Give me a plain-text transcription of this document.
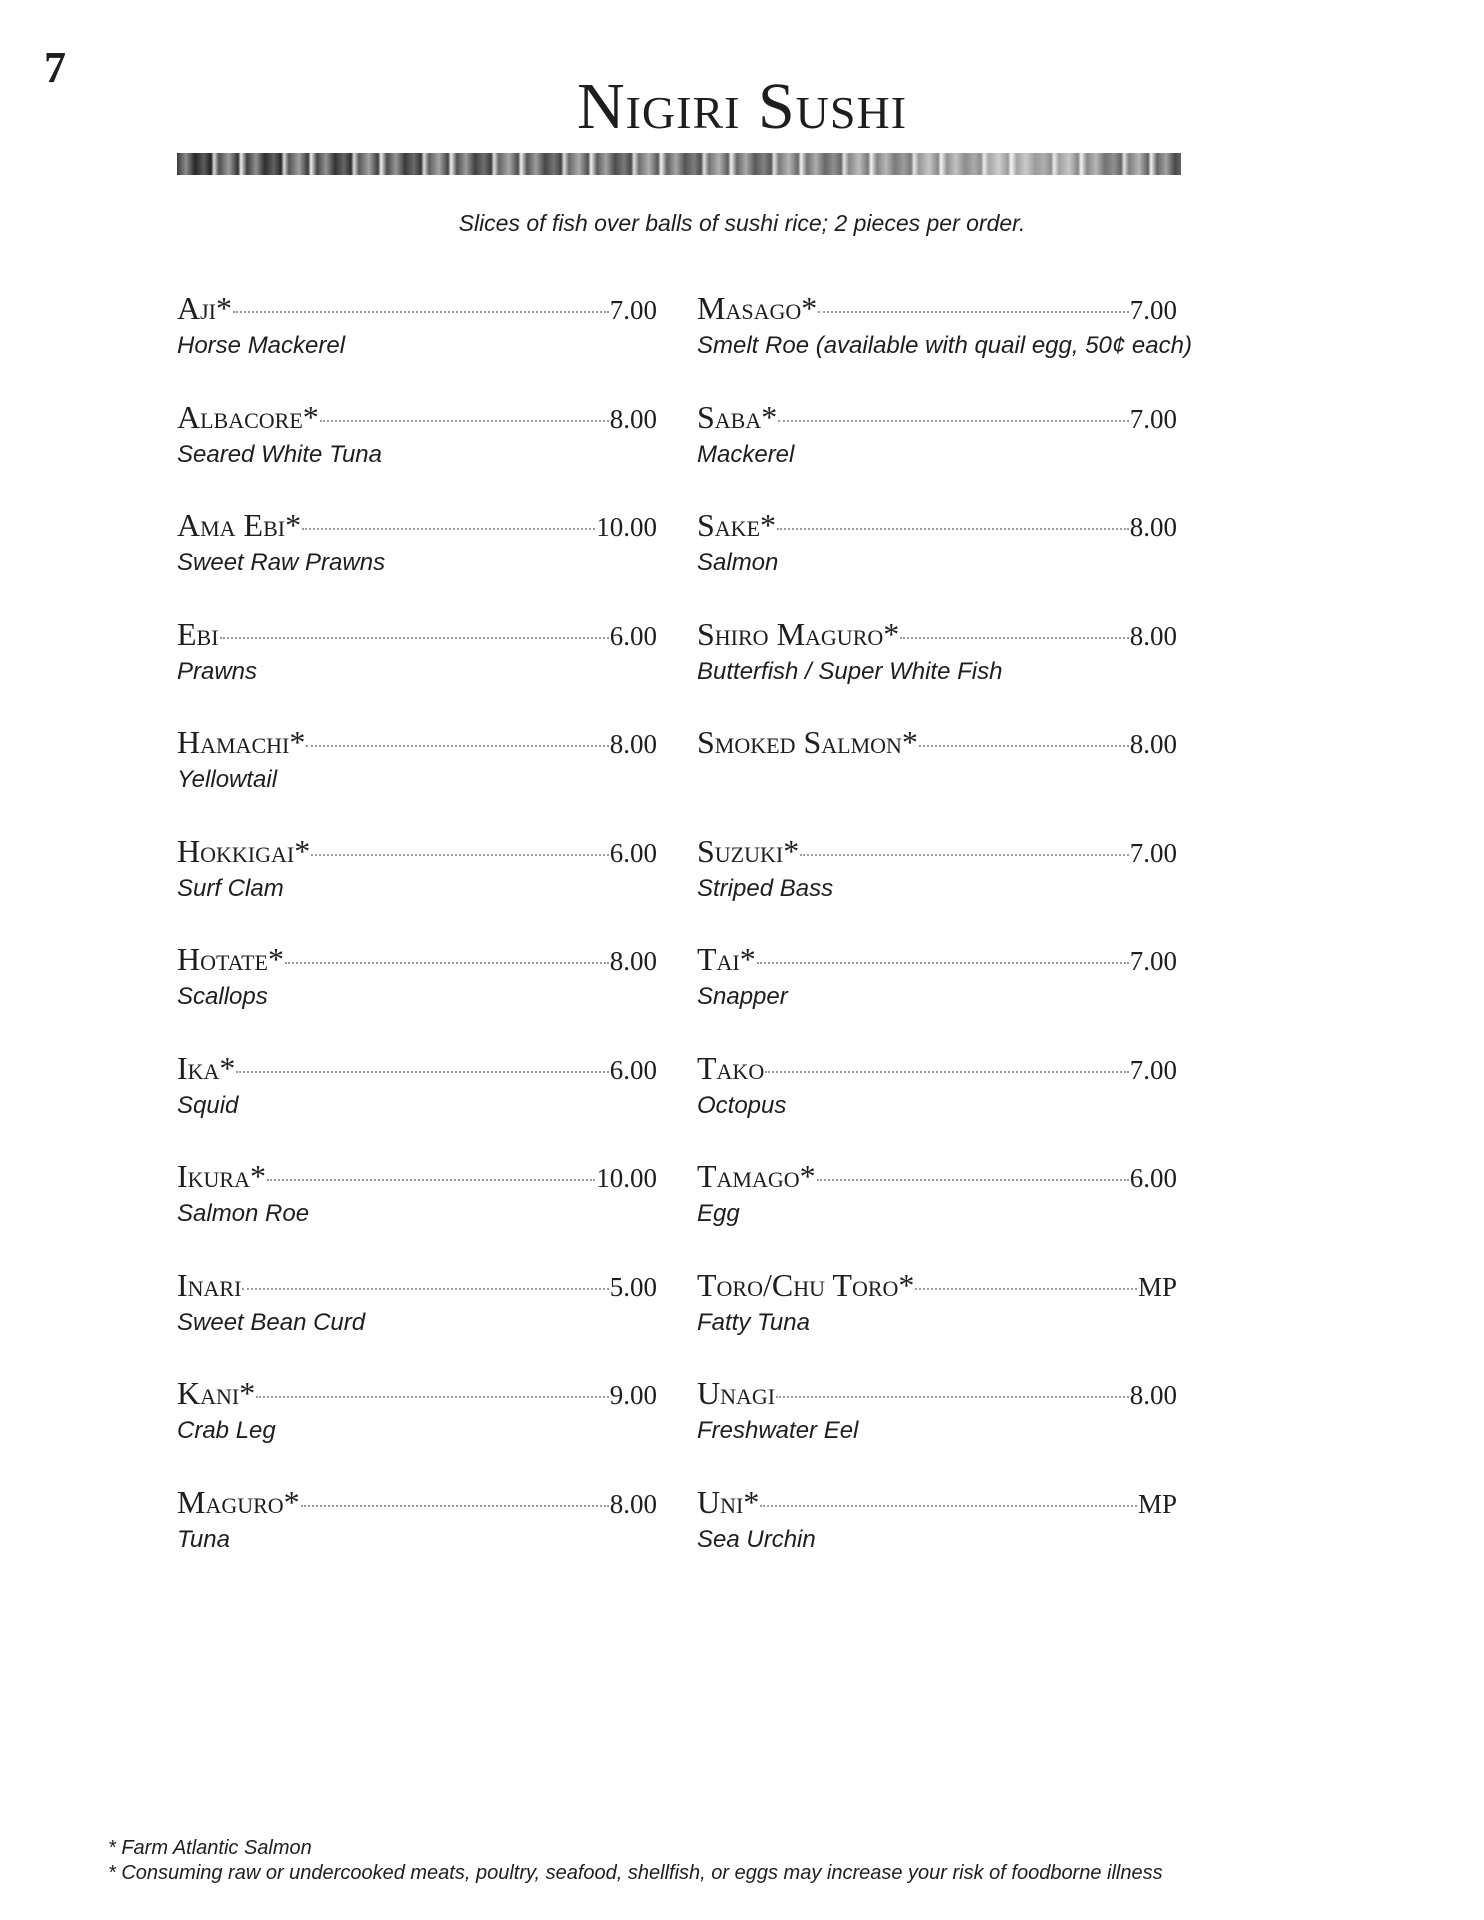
7
Nigiri Sushi
Slices of fish over balls of sushi rice; 2 pieces per order.
Aji*	7.00
Horse Mackerel
Albacore*	8.00
Seared White Tuna
Ama Ebi*	10.00
Sweet Raw Prawns
Ebi	6.00
Prawns
Hamachi*	8.00
Yellowtail
Hokkigai*	6.00
Surf Clam
Hotate*	8.00
Scallops
Ika*	6.00
Squid
Ikura*	10.00
Salmon Roe
Inari	5.00
Sweet Bean Curd
Kani*	9.00
Crab Leg
Maguro*	8.00
Tuna
Masago*	7.00
Smelt Roe (available with quail egg, 50¢ each)
Saba*	7.00
Mackerel
Sake*	8.00
Salmon
Shiro Maguro*	8.00
Butterfish / Super White Fish
Smoked Salmon*	8.00
Suzuki*	7.00
Striped Bass
Tai*	7.00
Snapper
Tako	7.00
Octopus
Tamago*	6.00
Egg
Toro/Chu Toro*	MP
Fatty Tuna
Unagi	8.00
Freshwater Eel
Uni*	MP
Sea Urchin
* Farm Atlantic Salmon
* Consuming raw or undercooked meats, poultry, seafood, shellfish, or eggs may increase your risk of foodborne illness
